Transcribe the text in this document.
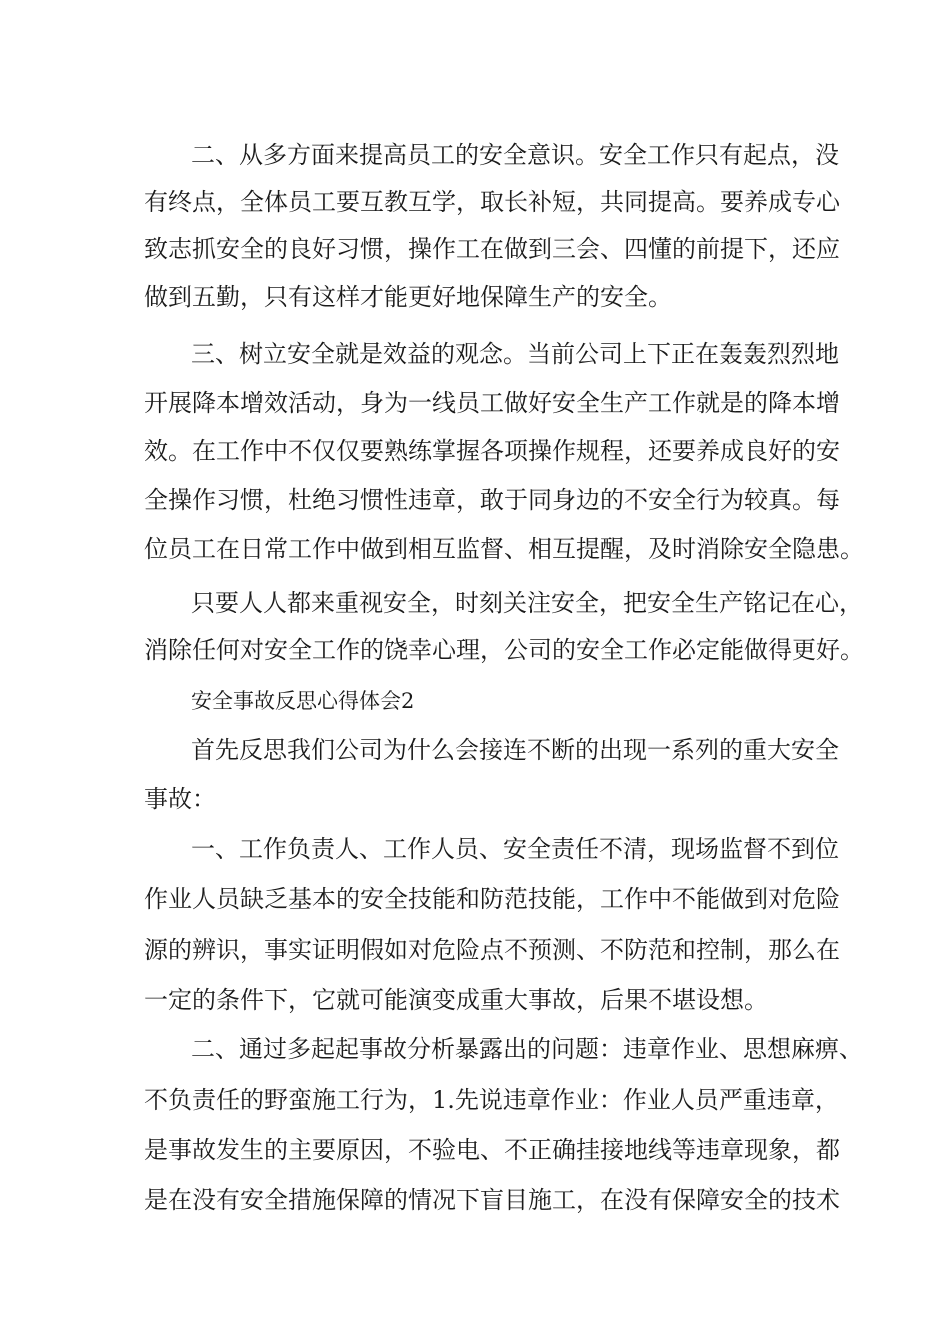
二、从多方面来提高员工的安全意识。安全工作只有起点，没
有终点，全体员工要互教互学，取长补短，共同提高。要养成专心
致志抓安全的良好习惯，操作工在做到三会、四懂的前提下，还应
做到五勤，只有这样才能更好地保障生产的安全。
三、树立安全就是效益的观念。当前公司上下正在轰轰烈烈地
开展降本增效活动，身为一线员工做好安全生产工作就是的降本增
效。在工作中不仅仅要熟练掌握各项操作规程，还要养成良好的安
全操作习惯，杜绝习惯性违章，敢于同身边的不安全行为较真。每
位员工在日常工作中做到相互监督、相互提醒，及时消除安全隐患。
只要人人都来重视安全，时刻关注安全，把安全生产铭记在心，
消除任何对安全工作的饶幸心理，公司的安全工作必定能做得更好。
安全事故反思心得体会2
首先反思我们公司为什么会接连不断的出现一系列的重大安全
事故：
一、工作负责人、工作人员、安全责任不清，现场监督不到位
作业人员缺乏基本的安全技能和防范技能，工作中不能做到对危险
源的辨识，事实证明假如对危险点不预测、不防范和控制，那么在
一定的条件下，它就可能演变成重大事故，后果不堪设想。
二、通过多起起事故分析暴露出的问题：违章作业、思想麻痹、
不负责任的野蛮施工行为，1.先说违章作业：作业人员严重违章，
是事故发生的主要原因，不验电、不正确挂接地线等违章现象，都
是在没有安全措施保障的情况下盲目施工，在没有保障安全的技术
